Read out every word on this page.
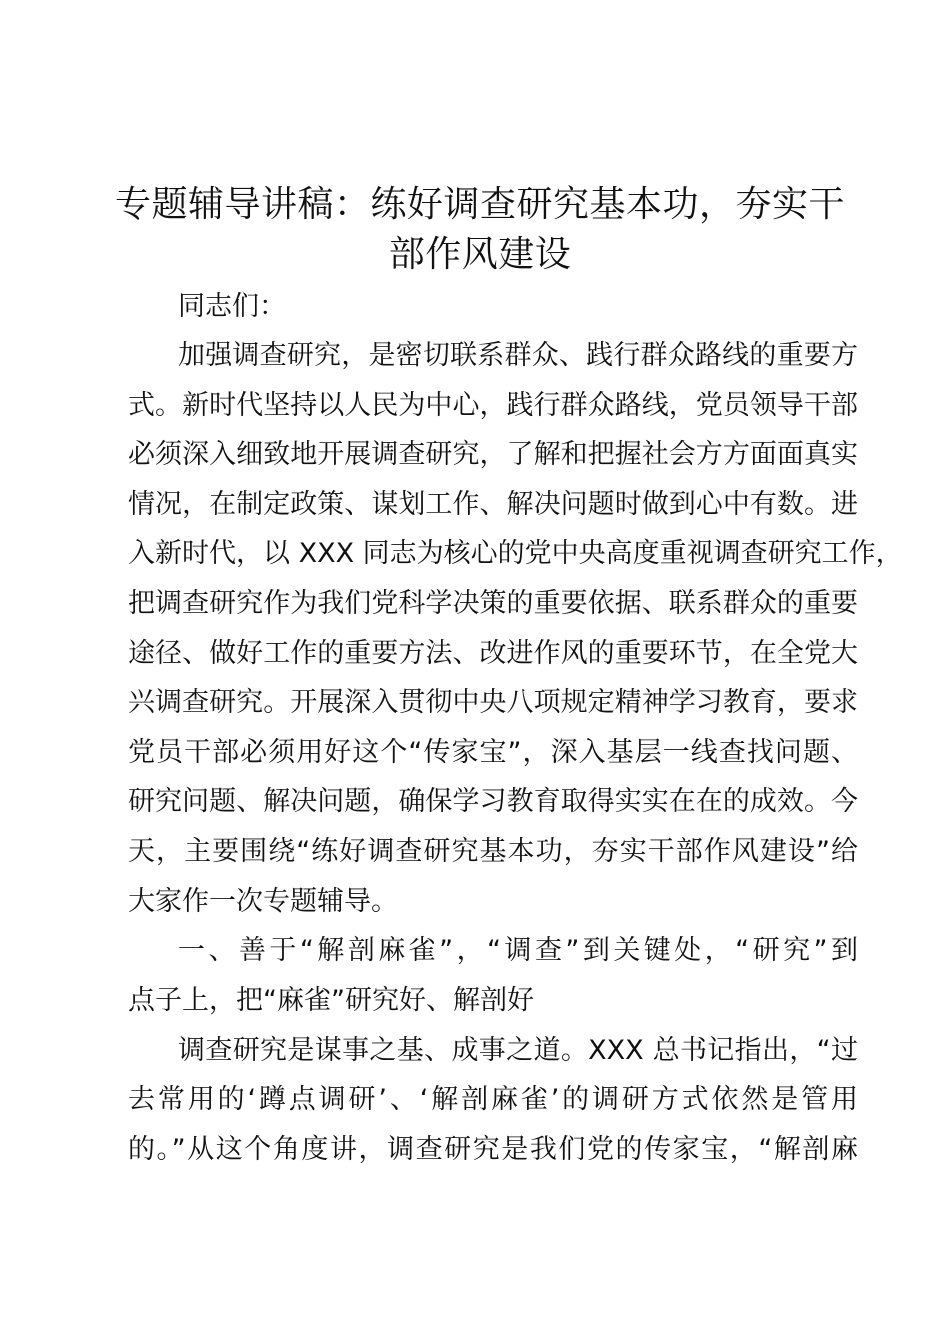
专题辅导讲稿：练好调查研究基本功，夯实干
部作风建设
同志们：
加强调查研究，是密切联系群众、践行群众路线的重要方
式。新时代坚持以人民为中心，践行群众路线，党员领导干部
必须深入细致地开展调查研究，了解和把握社会方方面面真实
情况，在制定政策、谋划工作、解决问题时做到心中有数。进
入新时代，以 XXX 同志为核心的党中央高度重视调查研究工作，
把调查研究作为我们党科学决策的重要依据、联系群众的重要
途径、做好工作的重要方法、改进作风的重要环节，在全党大
兴调查研究。开展深入贯彻中央八项规定精神学习教育，要求
党员干部必须用好这个“传家宝”，深入基层一线查找问题、
研究问题、解决问题，确保学习教育取得实实在在的成效。今
天，主要围绕“练好调查研究基本功，夯实干部作风建设”给
大家作一次专题辅导。
一、善于“解剖麻雀”，“调查”到关键处，“研究”到
点子上，把“麻雀”研究好、解剖好
调查研究是谋事之基、成事之道。XXX 总书记指出，“过
去常用的‘蹲点调研’、‘解剖麻雀’的调研方式依然是管用
的。”从这个角度讲，调查研究是我们党的传家宝，“解剖麻
